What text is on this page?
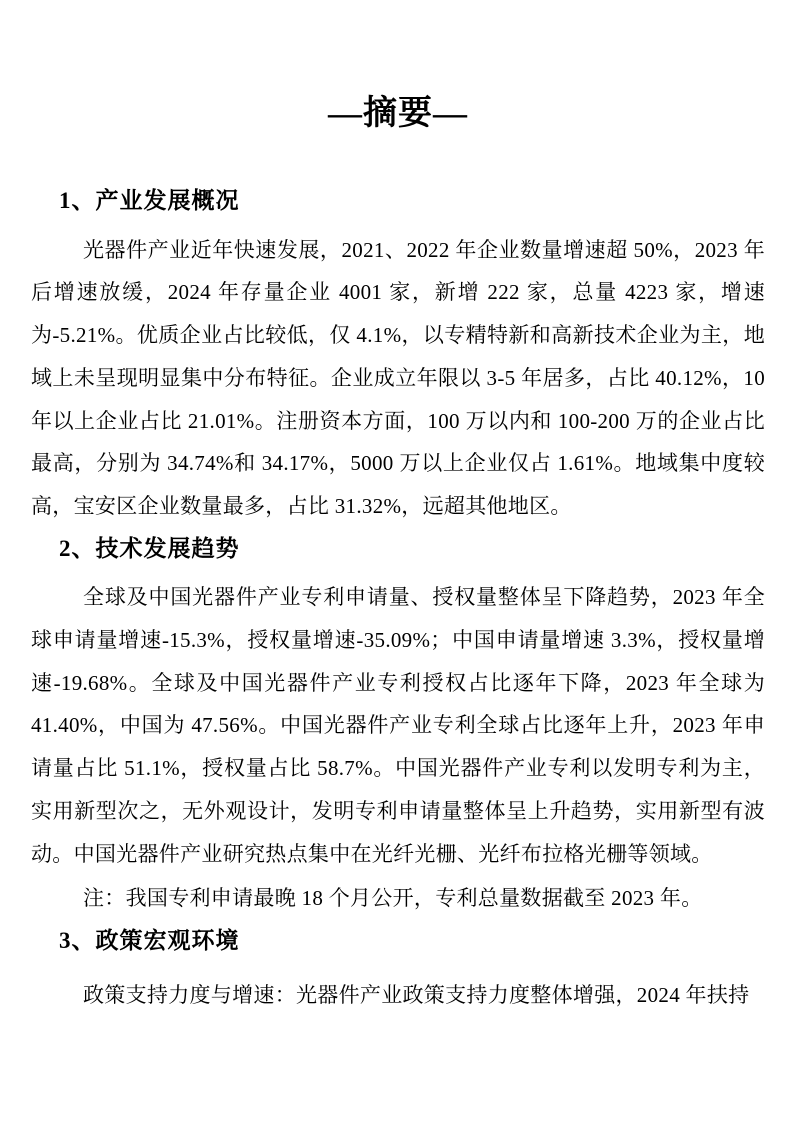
—摘要—
1、产业发展概况

光器件产业近年快速发展，2021、2022 年企业数量增速超 50%，2023 年后增速放缓，2024 年存量企业 4001 家，新增 222 家，总量 4223 家，增速为-5.21%。优质企业占比较低，仅 4.1%，以专精特新和高新技术企业为主，地域上未呈现明显集中分布特征。企业成立年限以 3-5 年居多，占比 40.12%，10 年以上企业占比 21.01%。注册资本方面，100 万以内和 100-200 万的企业占比最高，分别为 34.74%和 34.17%，5000 万以上企业仅占 1.61%。地域集中度较高，宝安区企业数量最多，占比 31.32%，远超其他地区。

2、技术发展趋势

全球及中国光器件产业专利申请量、授权量整体呈下降趋势，2023 年全球申请量增速-15.3%，授权量增速-35.09%；中国申请量增速 3.3%，授权量增速-19.68%。全球及中国光器件产业专利授权占比逐年下降，2023 年全球为 41.40%，中国为 47.56%。中国光器件产业专利全球占比逐年上升，2023 年申请量占比 51.1%，授权量占比 58.7%。中国光器件产业专利以发明专利为主，实用新型次之，无外观设计，发明专利申请量整体呈上升趋势，实用新型有波动。中国光器件产业研究热点集中在光纤光栅、光纤布拉格光栅等领域。

注：我国专利申请最晚 18 个月公开，专利总量数据截至 2023 年。

3、政策宏观环境

政策支持力度与增速：光器件产业政策支持力度整体增强，2024 年扶持
